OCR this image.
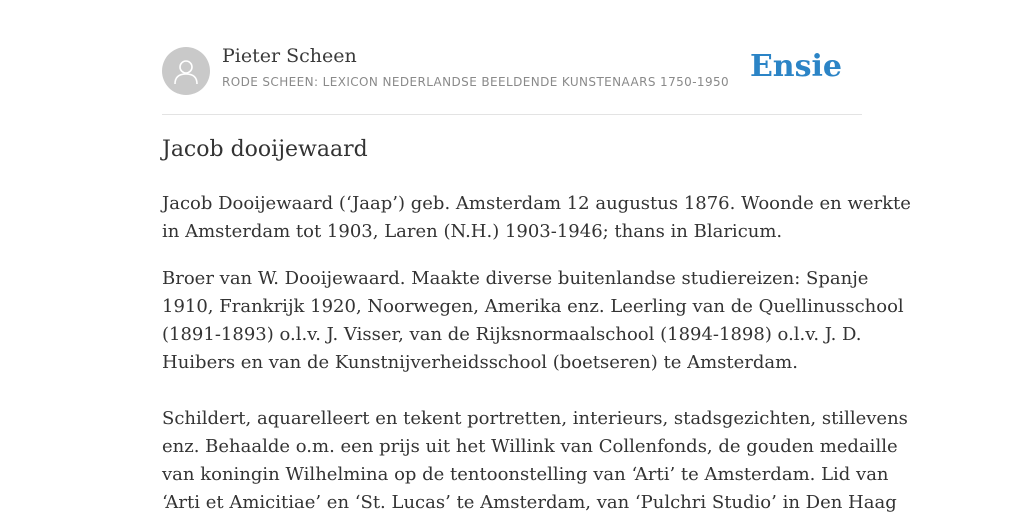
Pieter Scheen
RODE SCHEEN: LEXICON NEDERLANDSE BEELDENDE KUNSTENAARS 1750-1950 Ensie
Jacob dooijewaard

Jacob Dooijewaard (‘Jaap’) geb. Amsterdam 12 augustus 1876. Woonde en werkte

in Amsterdam tot 1903, Laren (N.H.) 1903-1946; thans in Blaricum.

Broer van W. Dooijewaard. Maakte diverse buitenlandse studiereizen: Spanje

1910, Frankrijk 1920, Noorwegen, Amerika enz. Leerling van de Quellinusschool

(1891-1893) o.l.v. J. Visser, van de Rijksnormaalschool (1894-1898) o.l.v. J. D.

Huibers en van de Kunstnijverheidsschool (boetseren) te Amsterdam.

Schildert, aquarelleert en tekent portretten, interieurs, stadsgezichten, stillevens

enz. Behaalde o.m. een prijs uit het Willink van Collenfonds, de gouden medaille

van koningin Wilhelmina op de tentoonstelling van ‘Arti’ te Amsterdam. Lid van

‘Arti et Amicitiae’ en ‘St. Lucas’ te Amsterdam, van ‘Pulchri Studio’ in Den Haag
